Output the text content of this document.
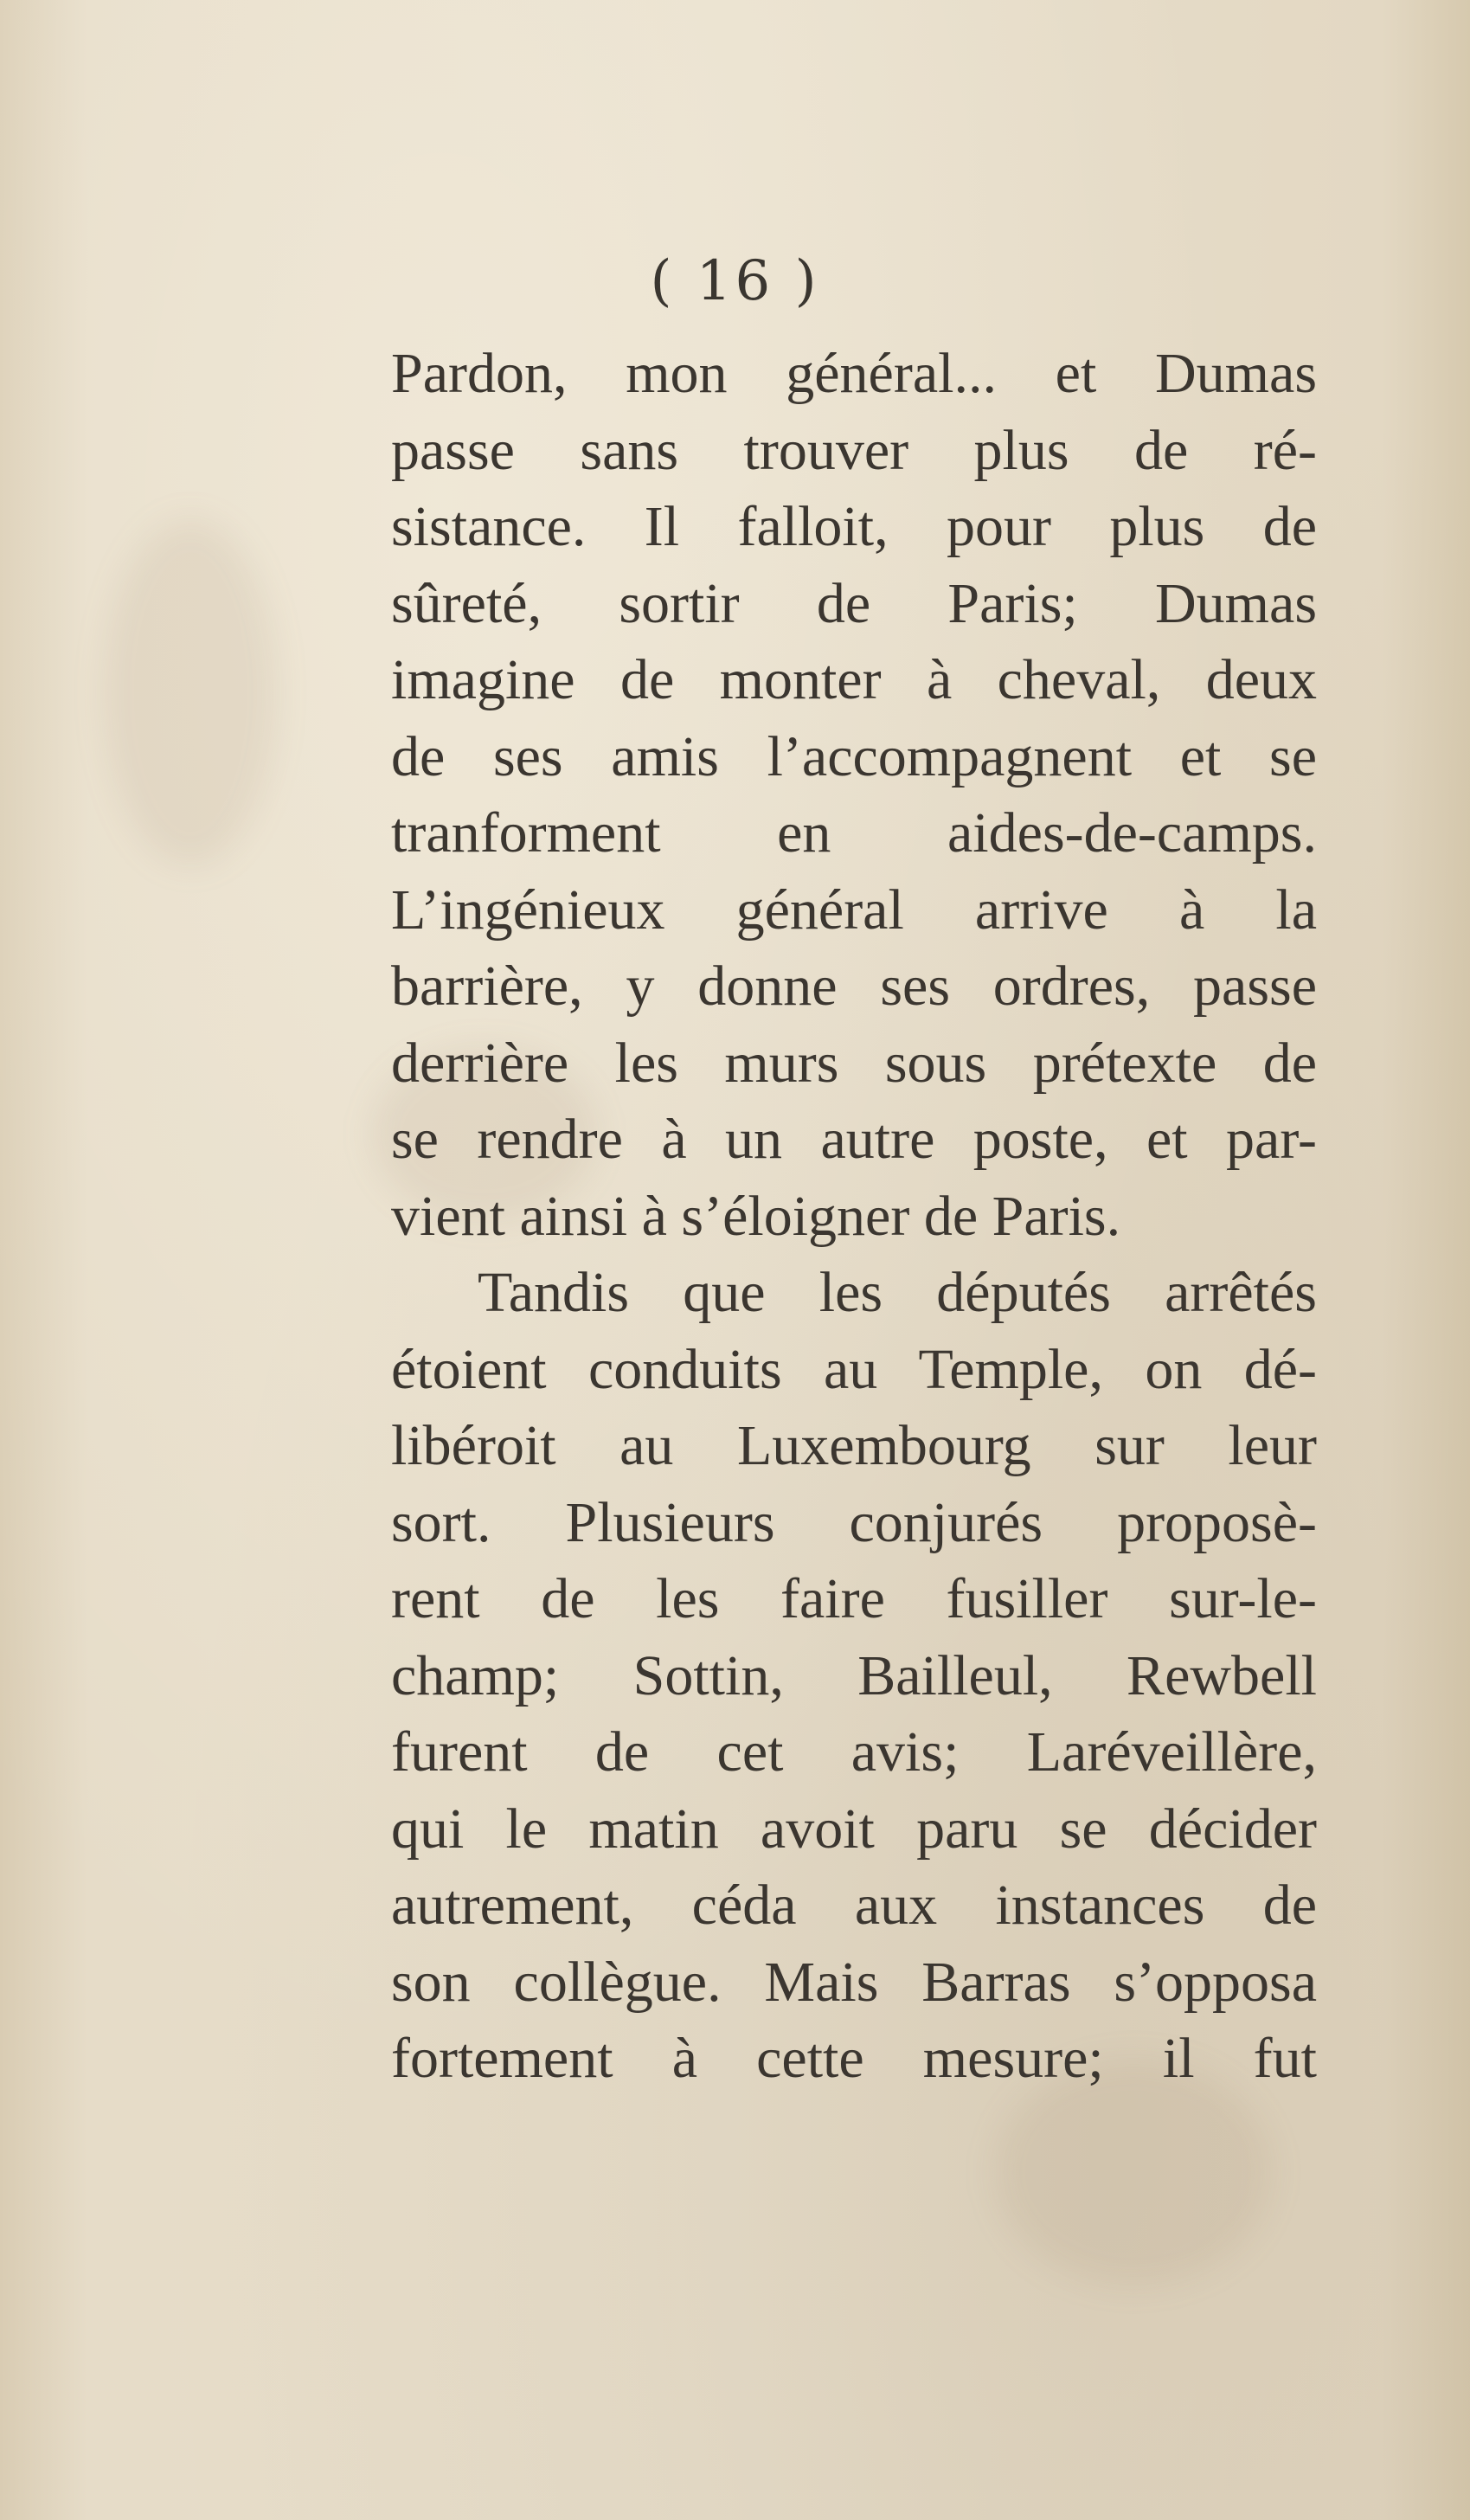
( 16 )
Pardon, mon général... et Dumas
passe sans trouver plus de ré-
sistance. Il falloit, pour plus de
sûreté, sortir de Paris; Dumas
imagine de monter à cheval, deux
de ses amis l’accompagnent et se
tranforment en aides-de-camps.
L’ingénieux général arrive à la
barrière, y donne ses ordres, passe
derrière les murs sous prétexte de
se rendre à un autre poste, et par-
vient ainsi à s’éloigner de Paris.
Tandis que les députés arrêtés
étoient conduits au Temple, on dé-
libéroit au Luxembourg sur leur
sort. Plusieurs conjurés proposè-
rent de les faire fusiller sur-le-
champ; Sottin, Bailleul, Rewbell
furent de cet avis; Laréveillère,
qui le matin avoit paru se décider
autrement, céda aux instances de
son collègue. Mais Barras s’opposa
fortement à cette mesure; il fut
